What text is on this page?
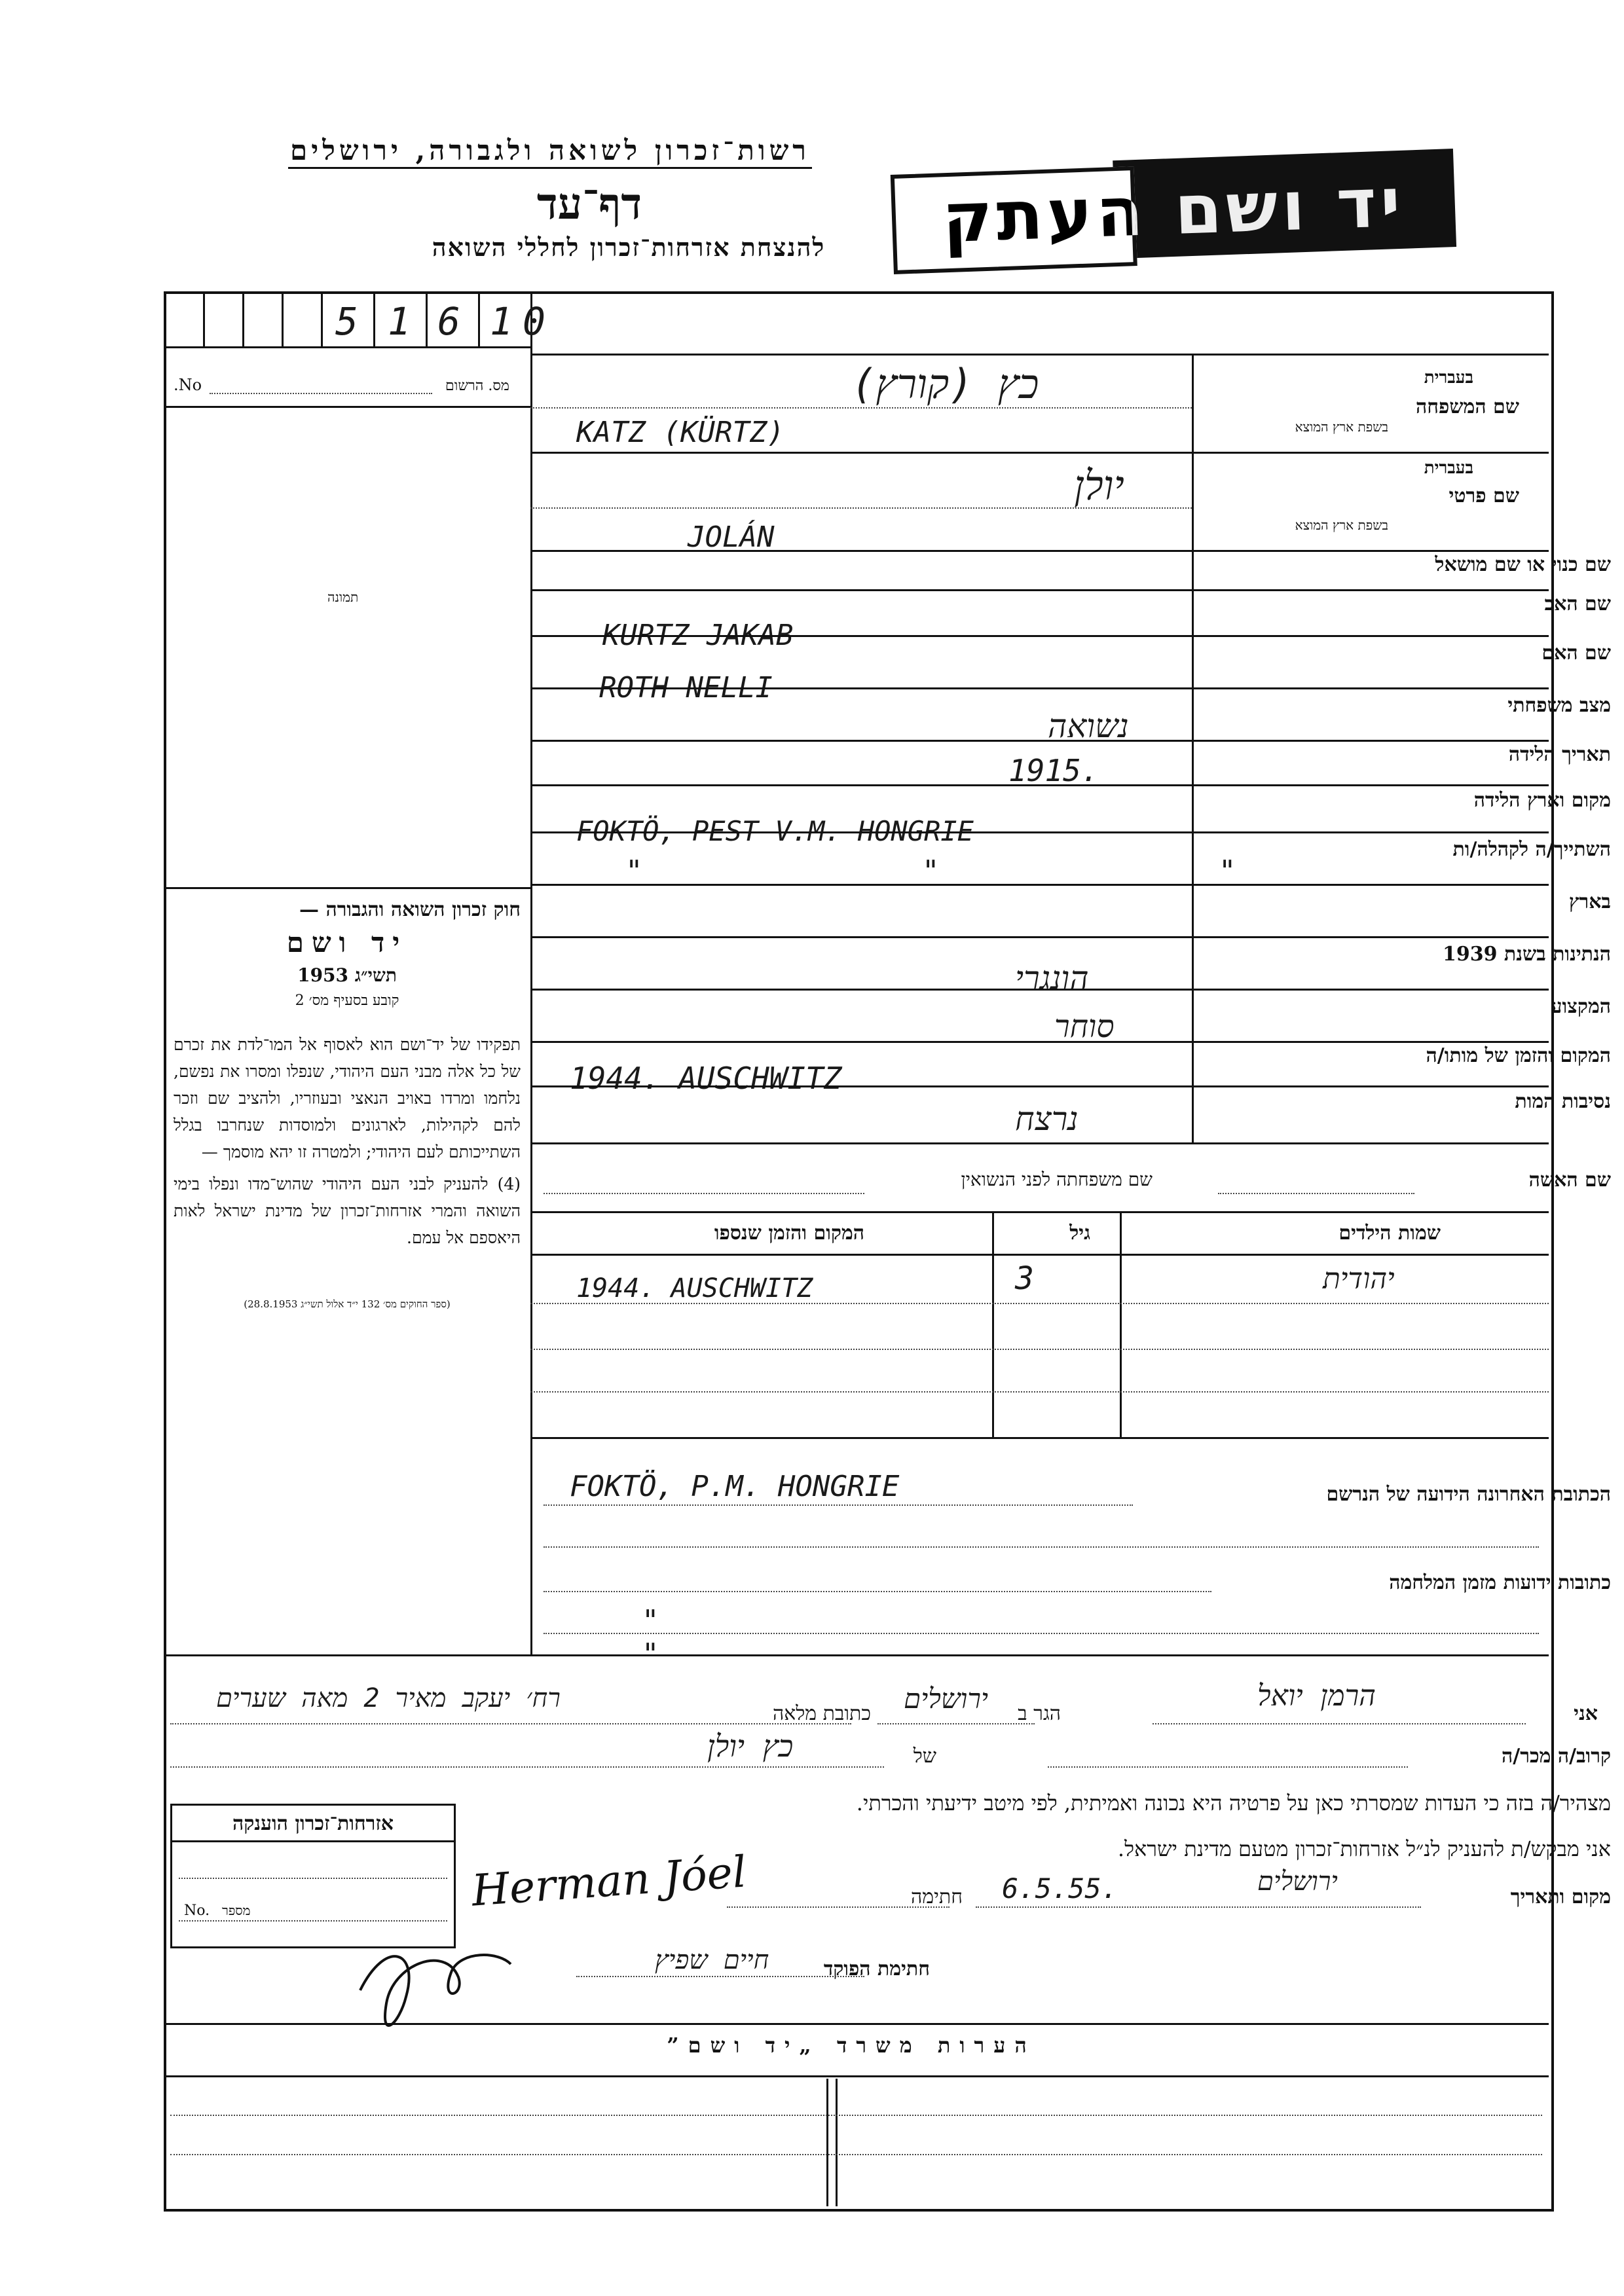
רשות־זכרון לשואה ולגבורה, ירושלים
דף־עד
להנצחת אזרחות־זכרון לחללי השואה	יד ושם העתק
5 1 6 1 0
No.	מס. הרשום
תמונה
חוק זכרון השואה והגבורה —
יד ושם
תשי״ג 1953
קובע בסעיף מס׳ 2
תפקידו של יד־ושם הוא לאסוף אל המו־לדת את זכרם של כל אלה מבני העם היהודי, שנפלו ומסרו את נפשם, נלחמו ומרדו באויב הנאצי ובעוזריו, ולהציב שם וזכר להם לקהילות, לארגונים ולמוסדות שנחרבו בגלל השתייכותם לעם היהודי; ולמטרה זו יהא מוסמך —
(4) להעניק לבני העם היהודי שהוש־מדו ונפלו בימי השואה והמרי אזרחות־זכרון של מדינת ישראל לאות היאספם אל עמם.
(ספר החוקים מס׳ 132 י״ד אלול תשי״ג 28.8.1953)
שם המשפחה
בעברית
בשפת ארץ המוצא
כץ (קורץ)
KATZ (KÜRTZ)
שם פרטי
בעברית
בשפת ארץ המוצא
יולן
JOLÁN
שם כנוי או שם מושאל
שם האב
KURTZ JAKAB
שם האם
ROTH NELLI
מצב משפחתי
נשואה
תאריך הלידה
1915.
מקום וארץ הלידה
FOKTÖ, PEST V.M. HONGRIE
השתייך/ה לקהלה/ות
" " "
בארץ
הנתינות בשנת 1939
הונגרי
המקצוע
סוחר
המקום והזמן של מותו/ה
1944. AUSCHWITZ
נסיבות המות
נרצח
שם האשה
שם משפחתה לפני הנשואין
שמות הילדים
גיל
המקום והזמן שנספו
יהודית
3
1944. AUSCHWITZ
הכתובת האחרונה הידועה של הנרשם
FOKTÖ, P.M. HONGRIE
כתובות ידועות מזמן המלחמה
" "
אני
הרמן יואל
הגר ב
ירושלים
כתובת מלאה
רח׳ יעקב מאיר 2 מאה שערים
קרוב/ה מכר/ה
של
כץ יולן
מצהיר/ה בזה כי העדות שמסרתי כאן על פרטיה היא נכונה ואמיתית, לפי מיטב ידיעתי והכרתי.
אני מבקש/ת להעניק לנ״ל אזרחות־זכרון מטעם מדינת ישראל.
מקום ותאריך
ירושלים
6.5.55.
חתימה
Herman Jóel
חתימת הפוקד
חיים שפיץ
אזרחות־זכרון הוענקה
No. מספר
הערות משרד „יד ושם”
